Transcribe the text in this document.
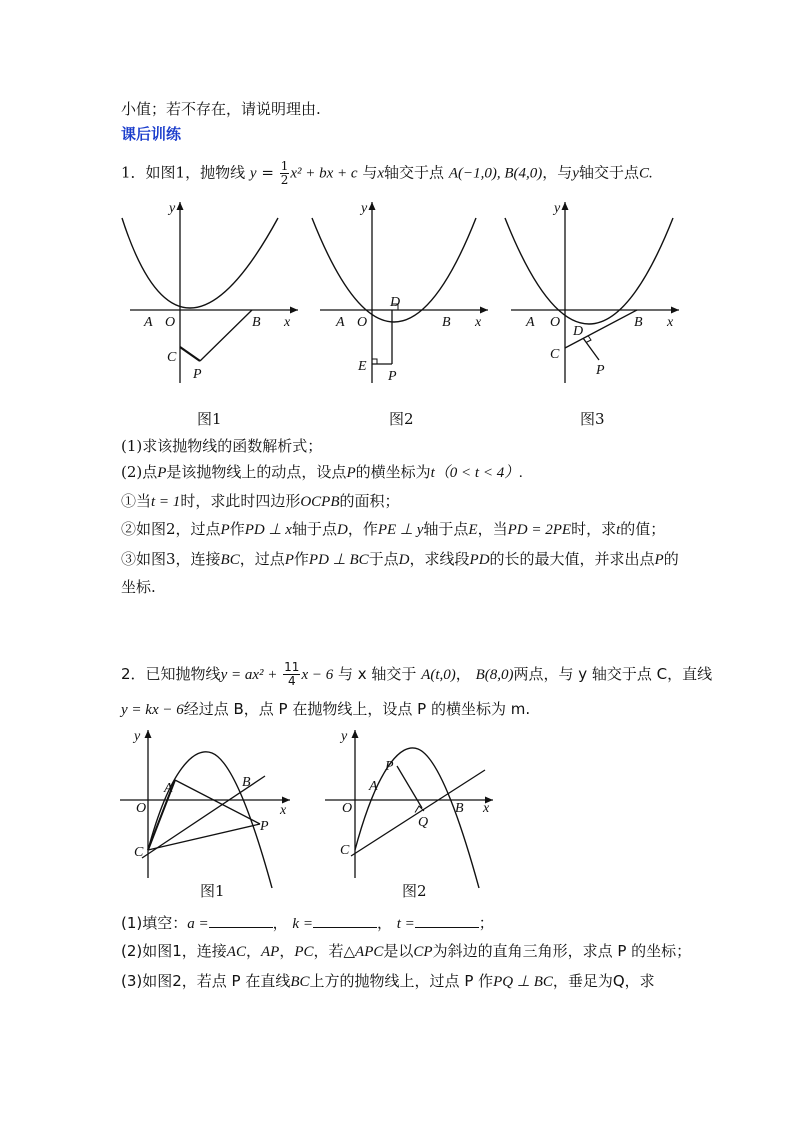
小值；若不存在，请说明理由.
课后训练
1．如图1，抛物线 $y = \frac{1}{2} x^2$ + bx + c 与x轴交于点 A(−1,0), B(4,0)，与y轴交于点C.
x
y
A O	B
C
P
x
y
A O	B
D
E
P
x
y
A O	B
D
C
P
图1	图2	图3
(1)求该抛物线的函数解析式；
(2)点P是该抛物线上的动点，设点P的横坐标为t（0 < t < 4）.
①当t = 1时，求此时四边形OCPB的面积；
②如图2，过点P作PD ⊥ x轴于点D，作PE ⊥ y轴于点E，当PD = 2PE时，求t的值；
③如图3，连接BC，过点P作PD ⊥ BC于点D，求线段PD的长的最大值，并求出点P的
坐标.
2．已知抛物线$y = ax^2 + \frac{11}{4}$ x − 6 与 x 轴交于 A(t,0)， B(8,0)两点，与 y 轴交于点 C，直线
y = kx − 6经过点 B，点 P 在抛物线上，设点 P 的横坐标为 m.
x
y
O
A	B
C
P
x
y
O
A
B
C
P
Q
图1	图2
(1)填空：a =	， k =	， t =	；
(2)如图1，连接AC，AP，PC，若△APC是以CP为斜边的直角三角形，求点 P 的坐标；
(3)如图2，若点 P 在直线BC上方的抛物线上，过点 P 作PQ ⊥ BC，垂足为Q，求
